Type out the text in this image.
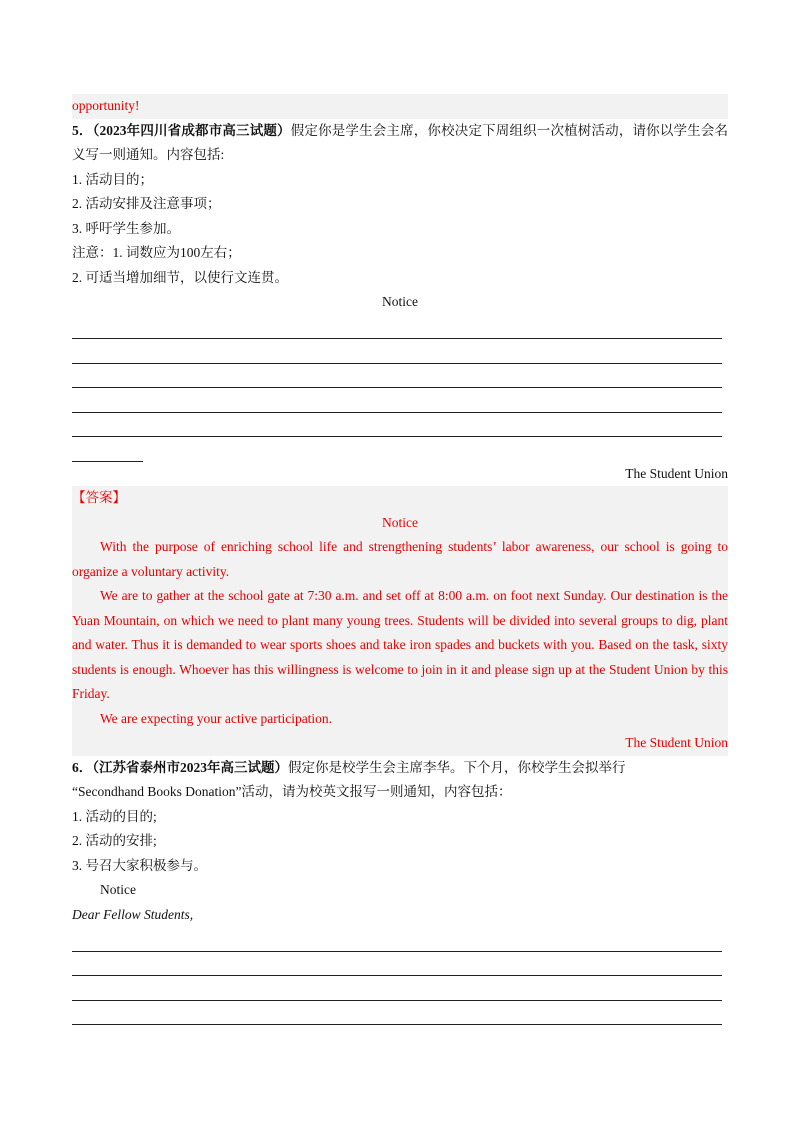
opportunity!
5．（2023年四川省成都市高三试题）假定你是学生会主席，你校决定下周组织一次植树活动，请你以学生会名义写一则通知。内容包括:
1. 活动目的；
2. 活动安排及注意事项；
3. 呼吁学生参加。
注意：1. 词数应为100左右；
2. 可适当增加细节，以使行文连贯。
Notice
The Student Union
【答案】
Notice
With the purpose of enriching school life and strengthening students’ labor awareness, our school is going to organize a voluntary activity.
We are to gather at the school gate at 7:30 a.m. and set off at 8:00 a.m. on foot next Sunday. Our destination is the Yuan Mountain, on which we need to plant many young trees. Students will be divided into several groups to dig, plant and water. Thus it is demanded to wear sports shoes and take iron spades and buckets with you. Based on the task, sixty students is enough. Whoever has this willingness is welcome to join in it and please sign up at the Student Union by this Friday.
We are expecting your active participation.
The Student Union
6．（江苏省泰州市2023年高三试题）假定你是校学生会主席李华。下个月，你校学生会拟举行
“Secondhand Books Donation”活动，请为校英文报写一则通知，内容包括：
1. 活动的目的;
2. 活动的安排;
3. 号召大家积极参与。
Notice
Dear Fellow Students,
